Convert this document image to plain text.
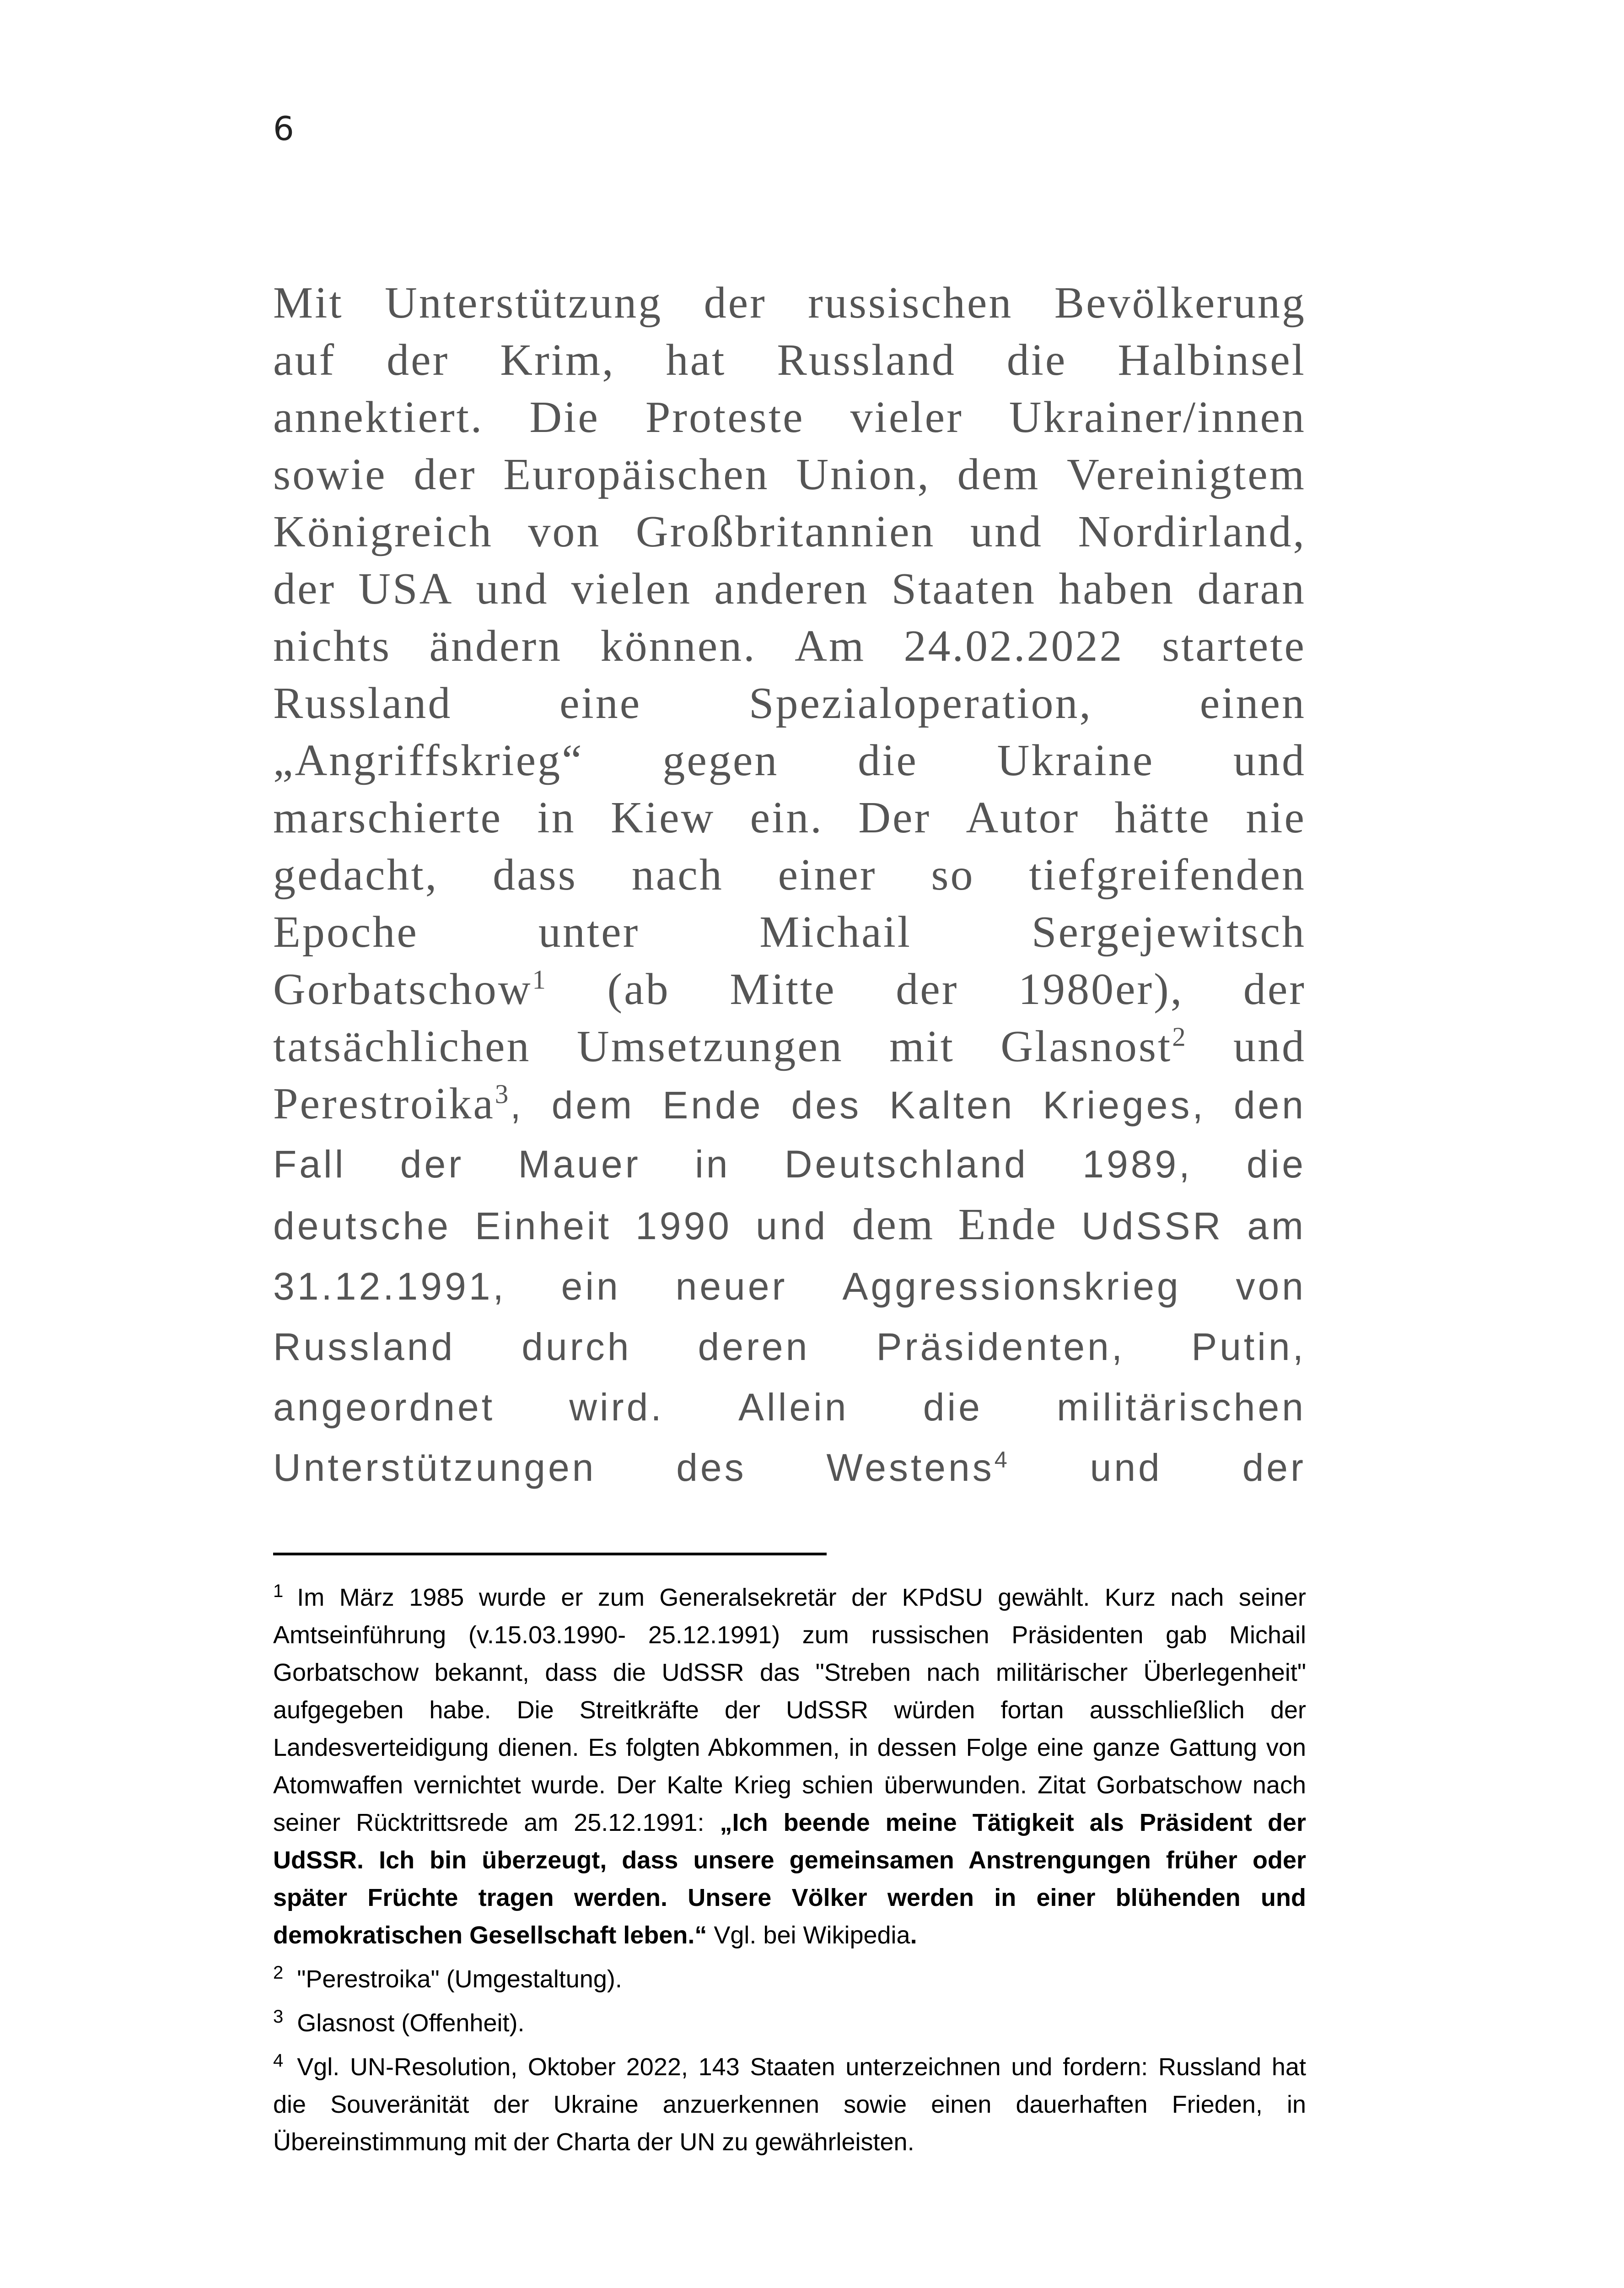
6
Mit Unterstützung der russischen Bevölkerung
auf der Krim, hat Russland die Halbinsel
annektiert. Die Proteste vieler Ukrainer/innen
sowie der Europäischen Union, dem Vereinigtem
Königreich von Großbritannien und Nordirland,
der USA und vielen anderen Staaten haben daran
nichts ändern können. Am 24.02.2022 startete
Russland eine Spezialoperation, einen
„Angriffskrieg“ gegen die Ukraine und
marschierte in Kiew ein. Der Autor hätte nie
gedacht, dass nach einer so tiefgreifenden
Epoche	unter	Michail	Sergejewitsch
Gorbatschow$^1$ (ab Mitte der 1980er), der
tatsächlichen Umsetzungen mit Glasnost$^2$ und
Perestroika$^3$, dem Ende des Kalten Krieges, den
Fall der Mauer in Deutschland 1989, die
deutsche Einheit 1990 und dem Ende UdSSR am
31.12.1991, ein neuer Aggressionskrieg von
Russland durch deren Präsidenten, Putin,
angeordnet wird. Allein die militärischen
Unterstützungen des Westens$^4$ und der

$^1$ Im März 1985 wurde er zum Generalsekretär der KPdSU gewählt. Kurz nach seiner Amtseinführung (v.15.03.1990- 25.12.1991) zum russischen Präsidenten gab Michail Gorbatschow bekannt, dass die UdSSR das "Streben nach militärischer Überlegenheit" aufgegeben habe. Die Streitkräfte der UdSSR würden fortan ausschließlich der Landesverteidigung dienen. Es folgten Abkommen, in dessen Folge eine ganze Gattung von Atomwaffen vernichtet wurde. Der Kalte Krieg schien überwunden. Zitat Gorbatschow nach seiner Rücktrittsrede am 25.12.1991: „Ich beende meine Tätigkeit als Präsident der UdSSR. Ich bin überzeugt, dass unsere gemeinsamen Anstrengungen früher oder später Früchte tragen werden. Unsere Völker werden in einer blühenden und demokratischen Gesellschaft leben.“ Vgl. bei Wikipedia.

$^2$ "Perestroika" (Umgestaltung).

$^3$ Glasnost (Offenheit).

$^4$ Vgl. UN-Resolution, Oktober 2022, 143 Staaten unterzeichnen und fordern: Russland hat die Souveränität der Ukraine anzuerkennen sowie einen dauerhaften Frieden, in Übereinstimmung mit der Charta der UN zu gewährleisten.
